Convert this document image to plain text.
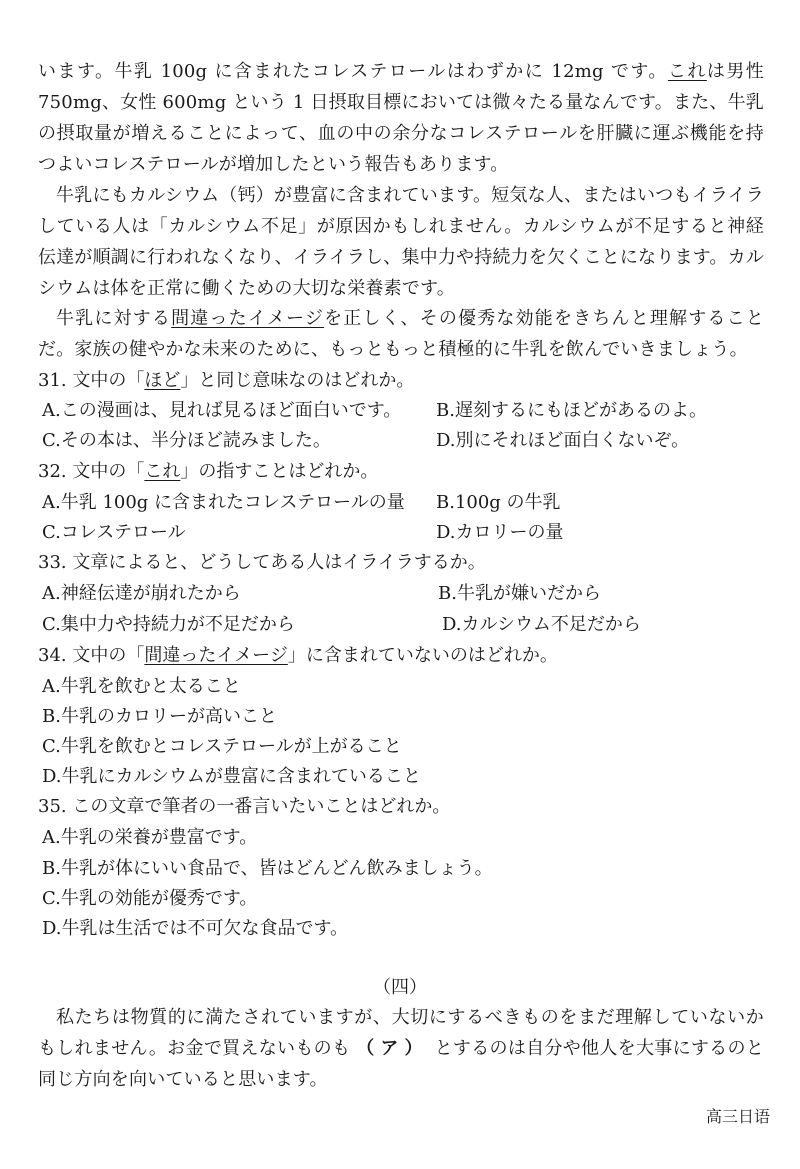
います。牛乳 100g に含まれたコレステロールはわずかに 12mg です。これは男性 750mg、女性 600mg という 1 日摂取目標においては微々たる量なんです。また、牛乳の摂取量が増えることによって、血の中の余分なコレステロールを肝臓に運ぶ機能を持つよいコレステロールが増加したという報告もあります。

牛乳にもカルシウム（钙）が豊富に含まれています。短気な人、またはいつもイライラしている人は「カルシウム不足」が原因かもしれません。カルシウムが不足すると神経伝達が順調に行われなくなり、イライラし、集中力や持続力を欠くことになります。カルシウムは体を正常に働くための大切な栄養素です。

牛乳に対する間違ったイメージを正しく、その優秀な効能をきちんと理解することだ。家族の健やかな未来のために、もっともっと積極的に牛乳を飲んでいきましょう。

31. 文中の「ほど」と同じ意味なのはどれか。
A.この漫画は、見れば見るほど面白いです。 B.遅刻するにもほどがあるのよ。
C.その本は、半分ほど読みました。	D.別にそれほど面白くないぞ。
32. 文中の「これ」の指すことはどれか。
A.牛乳 100g に含まれたコレステロールの量 B.100g の牛乳
C.コレステロール	D.カロリーの量
33. 文章によると、どうしてある人はイライラするか。
A.神経伝達が崩れたから	B.牛乳が嫌いだから
C.集中力や持続力が不足だから	D.カルシウム不足だから
34. 文中の「間違ったイメージ」に含まれていないのはどれか。
A.牛乳を飲むと太ること
B.牛乳のカロリーが高いこと
C.牛乳を飲むとコレステロールが上がること
D.牛乳にカルシウムが豊富に含まれていること
35. この文章で筆者の一番言いたいことはどれか。
A.牛乳の栄養が豊富です。
B.牛乳が体にいい食品で、皆はどんどん飲みましょう。
C.牛乳の効能が優秀です。
D.牛乳は生活では不可欠な食品です。
（四）

私たちは物質的に満たされていますが、大切にするべきものをまだ理解していないかもしれません。お金で買えないものも （ア） とするのは自分や他人を大事にするのと同じ方向を向いていると思います。

高三日语
